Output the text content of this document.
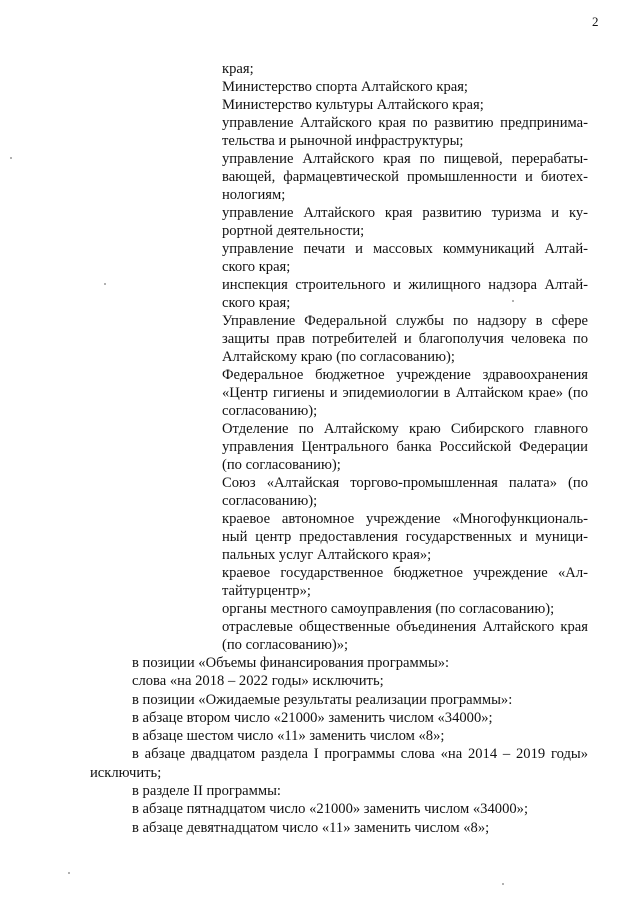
2

края;

Министерство спорта Алтайского края;

Министерство культуры Алтайского края;

управление Алтайского края по развитию предпринима-тельства и рыночной инфраструктуры;

управление Алтайского края по пищевой, перерабаты-вающей, фармацевтической промышленности и биотех-нологиям;

управление Алтайского края развитию туризма и ку-рортной деятельности;

управление печати и массовых коммуникаций Алтай-ского края;

инспекция строительного и жилищного надзора Алтай-ского края;

Управление Федеральной службы по надзору в сфере защиты прав потребителей и благополучия человека по Алтайскому краю (по согласованию);

Федеральное бюджетное учреждение здравоохранения «Центр гигиены и эпидемиологии в Алтайском крае» (по согласованию);

Отделение по Алтайскому краю Сибирского главного управления Центрального банка Российской Федерации (по согласованию);

Союз «Алтайская торгово-промышленная палата» (по согласованию);

краевое автономное учреждение «Многофункциональ-ный центр предоставления государственных и муници-пальных услуг Алтайского края»;

краевое государственное бюджетное учреждение «Ал-тайтурцентр»;

органы местного самоуправления (по согласованию);

отраслевые общественные объединения Алтайского края (по согласованию)»;

в позиции «Объемы финансирования программы»:

слова «на 2018 – 2022 годы» исключить;

в позиции «Ожидаемые результаты реализации программы»:

в абзаце втором число «21000» заменить числом «34000»;

в абзаце шестом число «11» заменить числом «8»;

в абзаце двадцатом раздела I программы слова «на 2014 – 2019 годы» исключить;

в разделе II программы:

в абзаце пятнадцатом число «21000» заменить числом «34000»;

в абзаце девятнадцатом число «11» заменить числом «8»;
